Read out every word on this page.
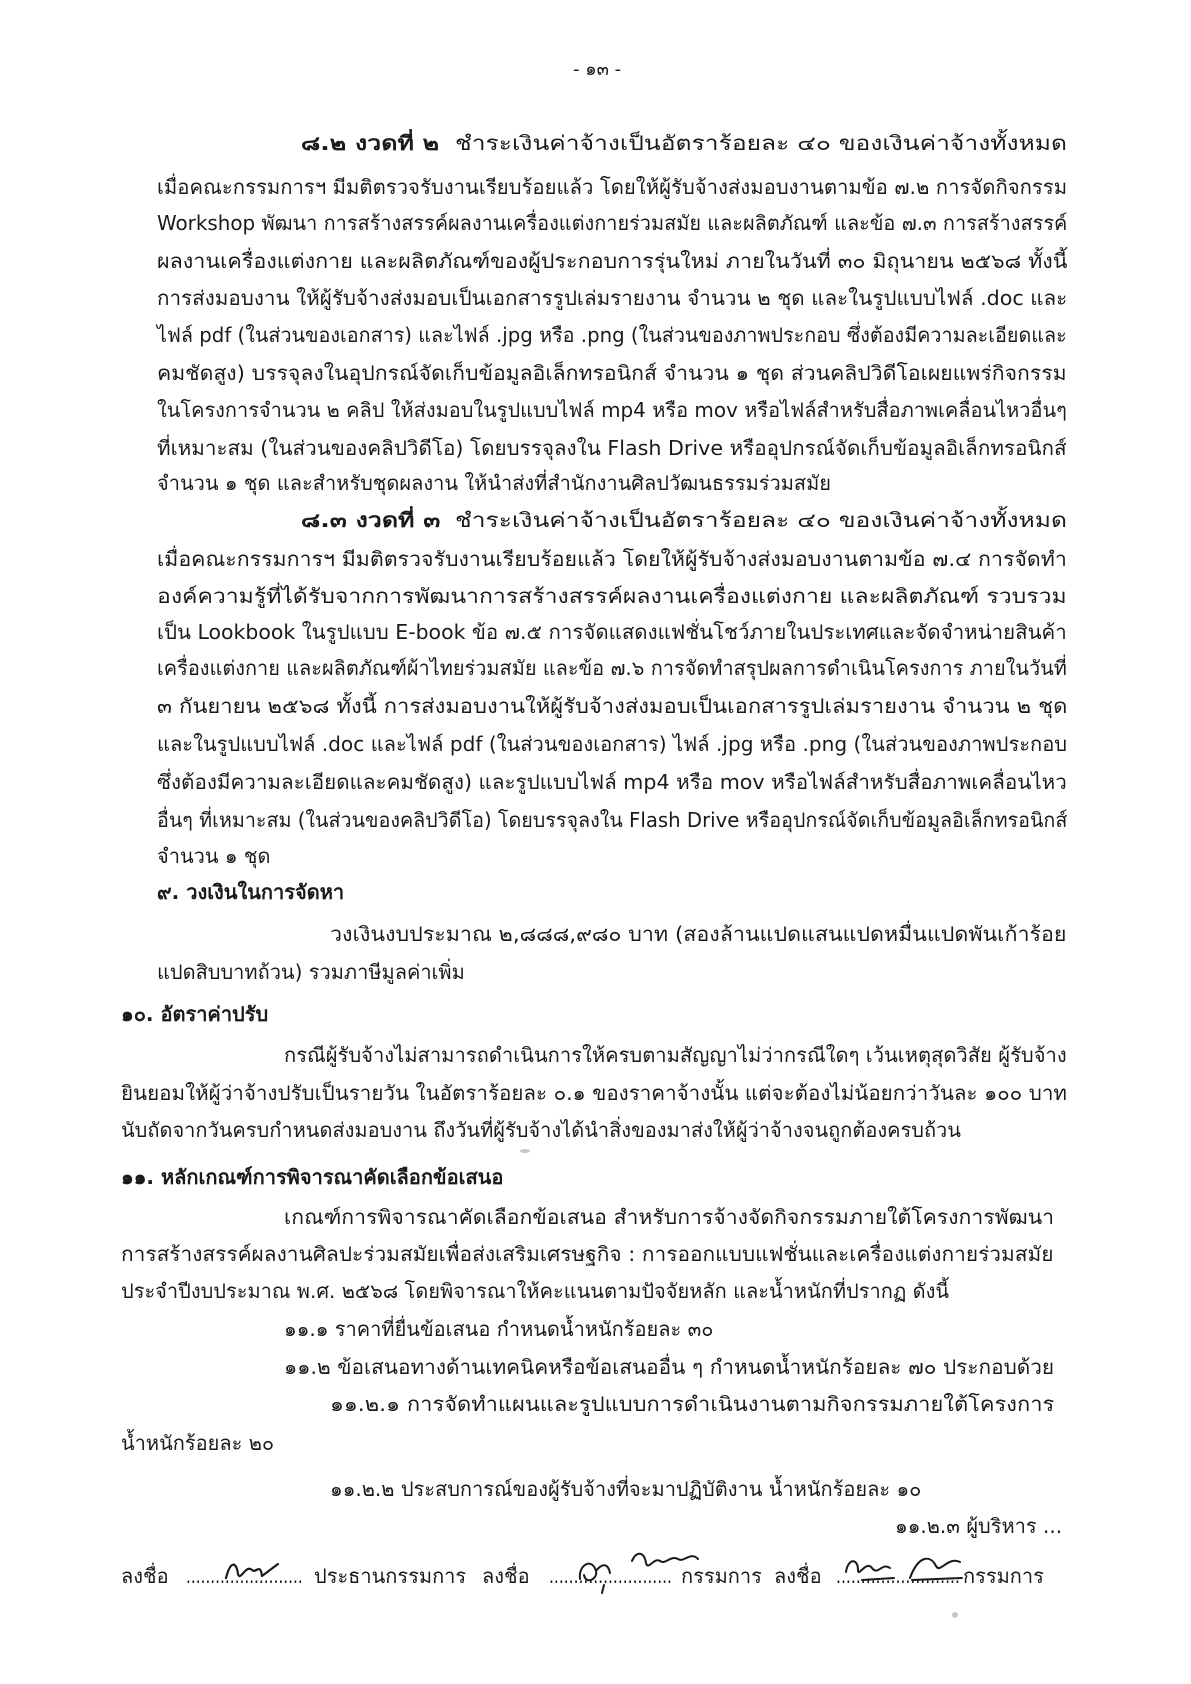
- ๑๓ -
๘.๒ งวดที่ ๒ ชำระเงินค่าจ้างเป็นอัตราร้อยละ ๔๐ ของเงินค่าจ้างทั้งหมด
เมื่อคณะกรรมการฯ มีมติตรวจรับงานเรียบร้อยแล้ว โดยให้ผู้รับจ้างส่งมอบงานตามข้อ ๗.๒ การจัดกิจกรรม
Workshop พัฒนา การสร้างสรรค์ผลงานเครื่องแต่งกายร่วมสมัย และผลิตภัณฑ์ และข้อ ๗.๓ การสร้างสรรค์
ผลงานเครื่องแต่งกาย และผลิตภัณฑ์ของผู้ประกอบการรุ่นใหม่ ภายในวันที่ ๓๐ มิถุนายน ๒๕๖๘ ทั้งนี้
การส่งมอบงาน ให้ผู้รับจ้างส่งมอบเป็นเอกสารรูปเล่มรายงาน จำนวน ๒ ชุด และในรูปแบบไฟล์ .doc และ
ไฟล์ pdf (ในส่วนของเอกสาร) และไฟล์ .jpg หรือ .png (ในส่วนของภาพประกอบ ซึ่งต้องมีความละเอียดและ
คมชัดสูง) บรรจุลงในอุปกรณ์จัดเก็บข้อมูลอิเล็กทรอนิกส์ จำนวน ๑ ชุด ส่วนคลิปวิดีโอเผยแพร่กิจกรรม
ในโครงการจำนวน ๒ คลิป ให้ส่งมอบในรูปแบบไฟล์ mp4 หรือ mov หรือไฟล์สำหรับสื่อภาพเคลื่อนไหวอื่นๆ
ที่เหมาะสม (ในส่วนของคลิปวิดีโอ) โดยบรรจุลงใน Flash Drive หรืออุปกรณ์จัดเก็บข้อมูลอิเล็กทรอนิกส์
จำนวน ๑ ชุด และสำหรับชุดผลงาน ให้นำส่งที่สำนักงานศิลปวัฒนธรรมร่วมสมัย
๘.๓ งวดที่ ๓ ชำระเงินค่าจ้างเป็นอัตราร้อยละ ๔๐ ของเงินค่าจ้างทั้งหมด
เมื่อคณะกรรมการฯ มีมติตรวจรับงานเรียบร้อยแล้ว โดยให้ผู้รับจ้างส่งมอบงานตามข้อ ๗.๔ การจัดทำ
องค์ความรู้ที่ได้รับจากการพัฒนาการสร้างสรรค์ผลงานเครื่องแต่งกาย และผลิตภัณฑ์ รวบรวม
เป็น Lookbook ในรูปแบบ E-book ข้อ ๗.๕ การจัดแสดงแฟชั่นโชว์ภายในประเทศและจัดจำหน่ายสินค้า
เครื่องแต่งกาย และผลิตภัณฑ์ผ้าไทยร่วมสมัย และข้อ ๗.๖ การจัดทำสรุปผลการดำเนินโครงการ ภายในวันที่
๓ กันยายน ๒๕๖๘ ทั้งนี้ การส่งมอบงานให้ผู้รับจ้างส่งมอบเป็นเอกสารรูปเล่มรายงาน จำนวน ๒ ชุด
และในรูปแบบไฟล์ .doc และไฟล์ pdf (ในส่วนของเอกสาร) ไฟล์ .jpg หรือ .png (ในส่วนของภาพประกอบ
ซึ่งต้องมีความละเอียดและคมชัดสูง) และรูปแบบไฟล์ mp4 หรือ mov หรือไฟล์สำหรับสื่อภาพเคลื่อนไหว
อื่นๆ ที่เหมาะสม (ในส่วนของคลิปวิดีโอ) โดยบรรจุลงใน Flash Drive หรืออุปกรณ์จัดเก็บข้อมูลอิเล็กทรอนิกส์
จำนวน ๑ ชุด
๙. วงเงินในการจัดหา
วงเงินงบประมาณ ๒,๘๘๘,๙๘๐ บาท (สองล้านแปดแสนแปดหมื่นแปดพันเก้าร้อย
แปดสิบบาทถ้วน) รวมภาษีมูลค่าเพิ่ม
๑๐. อัตราค่าปรับ
กรณีผู้รับจ้างไม่สามารถดำเนินการให้ครบตามสัญญาไม่ว่ากรณีใดๆ เว้นเหตุสุดวิสัย ผู้รับจ้าง
ยินยอมให้ผู้ว่าจ้างปรับเป็นรายวัน ในอัตราร้อยละ ๐.๑ ของราคาจ้างนั้น แต่จะต้องไม่น้อยกว่าวันละ ๑๐๐ บาท
นับถัดจากวันครบกำหนดส่งมอบงาน ถึงวันที่ผู้รับจ้างได้นำสิ่งของมาส่งให้ผู้ว่าจ้างจนถูกต้องครบถ้วน
๑๑. หลักเกณฑ์การพิจารณาคัดเลือกข้อเสนอ
เกณฑ์การพิจารณาคัดเลือกข้อเสนอ สำหรับการจ้างจัดกิจกรรมภายใต้โครงการพัฒนา
การสร้างสรรค์ผลงานศิลปะร่วมสมัยเพื่อส่งเสริมเศรษฐกิจ : การออกแบบแฟชั่นและเครื่องแต่งกายร่วมสมัย
ประจำปีงบประมาณ พ.ศ. ๒๕๖๘ โดยพิจารณาให้คะแนนตามปัจจัยหลัก และน้ำหนักที่ปรากฏ ดังนี้
๑๑.๑ ราคาที่ยื่นข้อเสนอ กำหนดน้ำหนักร้อยละ ๓๐
๑๑.๒ ข้อเสนอทางด้านเทคนิคหรือข้อเสนออื่น ๆ กำหนดน้ำหนักร้อยละ ๗๐ ประกอบด้วย
๑๑.๒.๑ การจัดทำแผนและรูปแบบการดำเนินงานตามกิจกรรมภายใต้โครงการ
น้ำหนักร้อยละ ๒๐
๑๑.๒.๒ ประสบการณ์ของผู้รับจ้างที่จะมาปฏิบัติงาน น้ำหนักร้อยละ ๑๐
๑๑.๒.๓ ผู้บริหาร ...
ลงชื่อ ........................ ประธานกรรมการ ลงชื่อ ......................... กรรมการ ลงชื่อ ......................... กรรมการ
